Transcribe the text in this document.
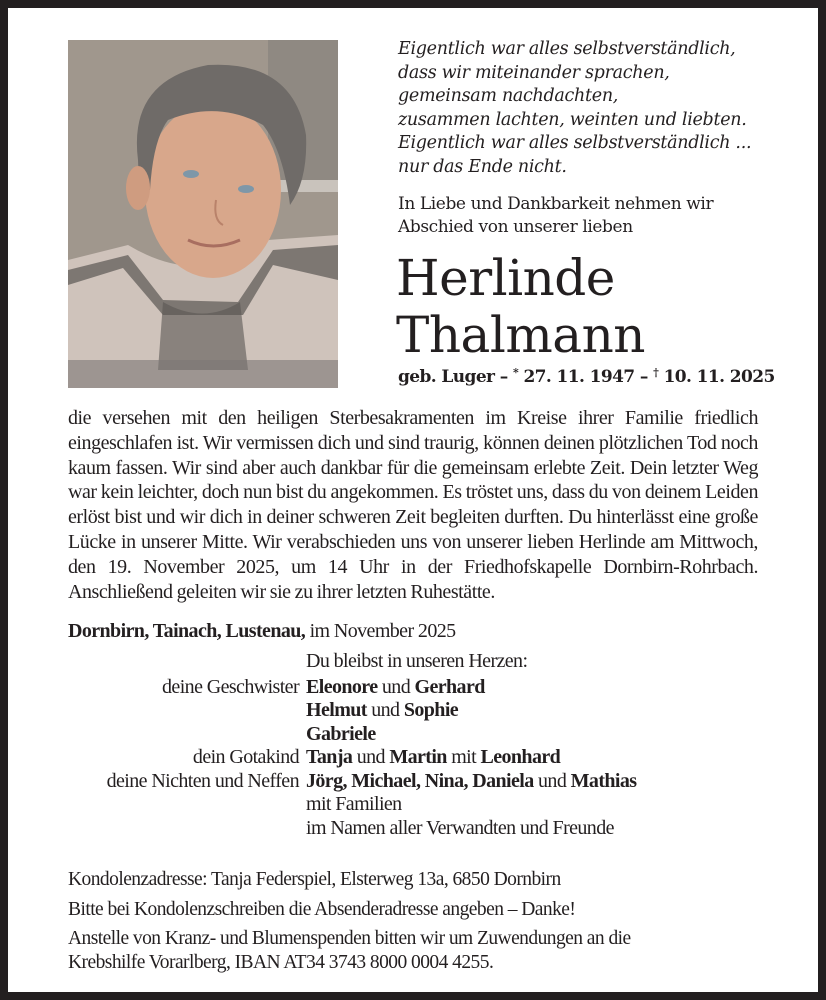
Eigentlich war alles selbstverständlich,
dass wir miteinander sprachen,
gemeinsam nachdachten,
zusammen lachten, weinten und liebten.
Eigentlich war alles selbstverständlich ...
nur das Ende nicht.
In Liebe und Dankbarkeit nehmen wir
Abschied von unserer lieben
Herlinde
Thalmann
geb. Luger – * 27. 11. 1947 – † 10. 11. 2025
die versehen mit den heiligen Sterbesakramenten im Kreise ihrer Familie friedlich eingeschlafen ist. Wir vermissen dich und sind traurig, können deinen plötzlichen Tod noch kaum fassen. Wir sind aber auch dankbar für die gemeinsam erlebte Zeit. Dein letzter Weg war kein leichter, doch nun bist du angekommen. Es tröstet uns, dass du von deinem Leiden erlöst bist und wir dich in deiner schweren Zeit begleiten durften. Du hinterlässt eine große Lücke in unserer Mitte. Wir verabschieden uns von unserer lieben Herlinde am Mittwoch, den 19. November 2025, um 14 Uhr in der Friedhofskapelle Dornbirn-Rohrbach. Anschließend geleiten wir sie zu ihrer letzten Ruhestätte.
Dornbirn, Tainach, Lustenau, im November 2025
Du bleibst in unseren Herzen:
deine Geschwister Eleonore und Gerhard
Helmut und Sophie
Gabriele
dein Gotakind Tanja und Martin mit Leonhard
deine Nichten und Neffen Jörg, Michael, Nina, Daniela und Mathias
mit Familien
im Namen aller Verwandten und Freunde

Kondolenzadresse: Tanja Federspiel, Elsterweg 13a, 6850 Dornbirn

Bitte bei Kondolenzschreiben die Absenderadresse angeben – Danke!

Anstelle von Kranz- und Blumenspenden bitten wir um Zuwendungen an die
Krebshilfe Vorarlberg, IBAN AT34 3743 8000 0004 4255.
